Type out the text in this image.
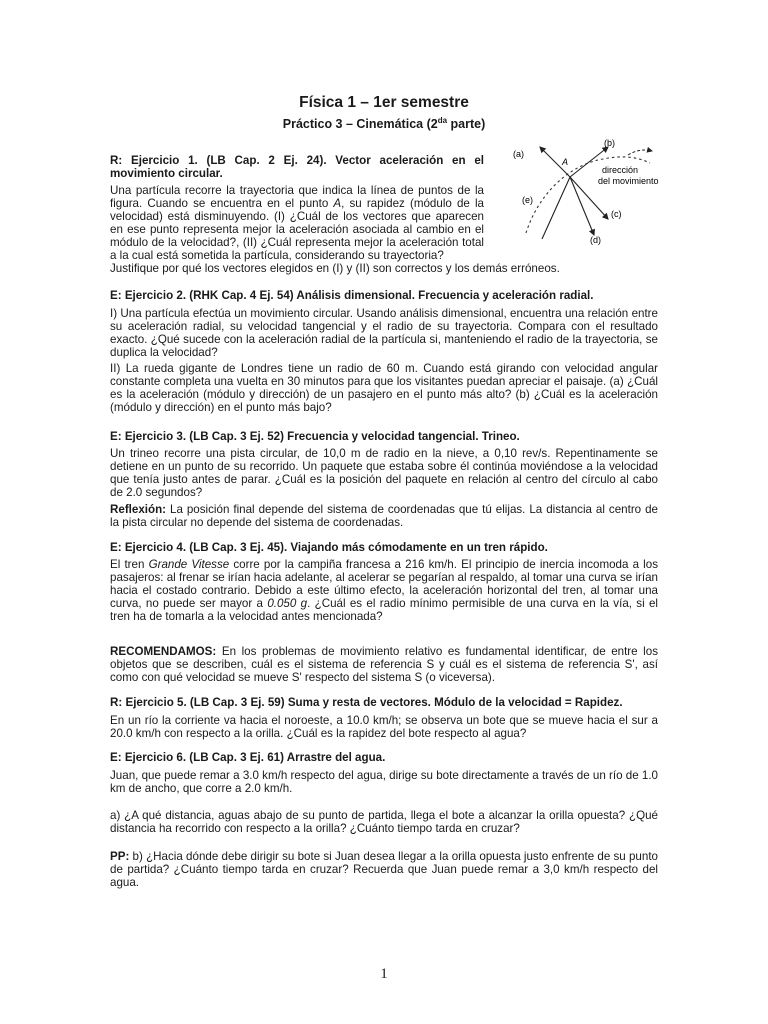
Física 1 – 1er semestre
Práctico 3 – Cinemática ($2^{da}$ parte)
R: Ejercicio 1. (LB Cap. 2 Ej. 24). Vector aceleración en el movimiento circular.
Una partícula recorre la trayectoria que indica la línea de puntos de la figura. Cuando se encuentra en el punto A, su rapidez (módulo de la velocidad) está disminuyendo. (I) ¿Cuál de los vectores que aparecen en ese punto representa mejor la aceleración asociada al cambio en el módulo de la velocidad?, (II) ¿Cuál representa mejor la aceleración total a la cual está sometida la partícula, considerando su trayectoria?
Justifique por qué los vectores elegidos en (I) y (II) son correctos y los demás erróneos.
(a)
(b)
(c)
(d)
(e)
A
dirección
del movimiento
E: Ejercicio 2. (RHK Cap. 4 Ej. 54) Análisis dimensional. Frecuencia y aceleración radial.
I) Una partícula efectúa un movimiento circular. Usando análisis dimensional, encuentra una relación entre su aceleración radial, su velocidad tangencial y el radio de su trayectoria. Compara con el resultado exacto. ¿Qué sucede con la aceleración radial de la partícula si, manteniendo el radio de la trayectoria, se duplica la velocidad?
II) La rueda gigante de Londres tiene un radio de 60 m. Cuando está girando con velocidad angular constante completa una vuelta en 30 minutos para que los visitantes puedan apreciar el paisaje. (a) ¿Cuál es la aceleración (módulo y dirección) de un pasajero en el punto más alto? (b) ¿Cuál es la aceleración (módulo y dirección) en el punto más bajo?
E: Ejercicio 3. (LB Cap. 3 Ej. 52) Frecuencia y velocidad tangencial. Trineo.
Un trineo recorre una pista circular, de 10,0 m de radio en la nieve, a 0,10 rev/s. Repentinamente se detiene en un punto de su recorrido. Un paquete que estaba sobre él continúa moviéndose a la velocidad que tenía justo antes de parar. ¿Cuál es la posición del paquete en relación al centro del círculo al cabo de 2.0 segundos?
Reflexión: La posición final depende del sistema de coordenadas que tú elijas. La distancia al centro de la pista circular no depende del sistema de coordenadas.
E: Ejercicio 4. (LB Cap. 3 Ej. 45). Viajando más cómodamente en un tren rápido.
El tren Grande Vitesse corre por la campiña francesa a 216 km/h. El principio de inercia incomoda a los pasajeros: al frenar se irían hacia adelante, al acelerar se pegarían al respaldo, al tomar una curva se irían hacia el costado contrario. Debido a este último efecto, la aceleración horizontal del tren, al tomar una curva, no puede ser mayor a 0.050 g. ¿Cuál es el radio mínimo permisible de una curva en la vía, si el tren ha de tomarla a la velocidad antes mencionada?
RECOMENDAMOS: En los problemas de movimiento relativo es fundamental identificar, de entre los objetos que se describen, cuál es el sistema de referencia S y cuál es el sistema de referencia S', así como con qué velocidad se mueve S' respecto del sistema S (o viceversa).
R: Ejercicio 5. (LB Cap. 3 Ej. 59) Suma y resta de vectores. Módulo de la velocidad = Rapidez.
En un río la corriente va hacia el noroeste, a 10.0 km/h; se observa un bote que se mueve hacia el sur a 20.0 km/h con respecto a la orilla. ¿Cuál es la rapidez del bote respecto al agua?
E: Ejercicio 6. (LB Cap. 3 Ej. 61) Arrastre del agua.
Juan, que puede remar a 3.0 km/h respecto del agua, dirige su bote directamente a través de un río de 1.0 km de ancho, que corre a 2.0 km/h.
a) ¿A qué distancia, aguas abajo de su punto de partida, llega el bote a alcanzar la orilla opuesta? ¿Qué distancia ha recorrido con respecto a la orilla? ¿Cuánto tiempo tarda en cruzar?
PP: b) ¿Hacia dónde debe dirigir su bote si Juan desea llegar a la orilla opuesta justo enfrente de su punto de partida? ¿Cuánto tiempo tarda en cruzar? Recuerda que Juan puede remar a 3,0 km/h respecto del agua.
1
